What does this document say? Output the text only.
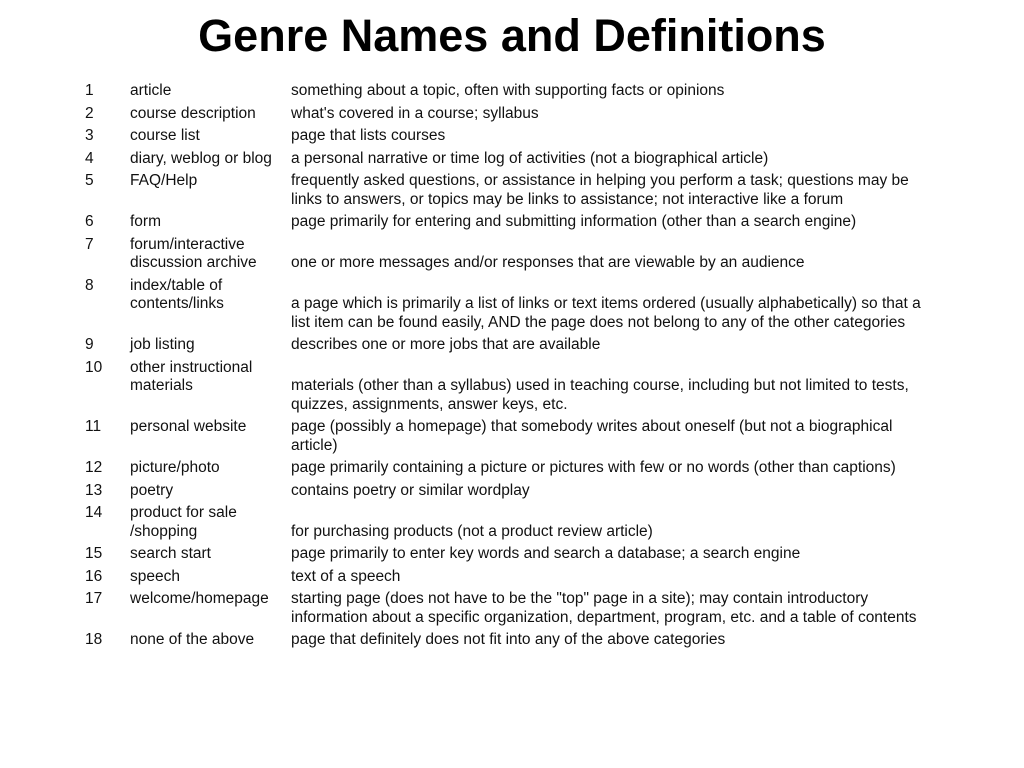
Genre Names and Definitions
1	article	something about a topic, often with supporting facts or opinions
2	course description	what's covered in a course; syllabus
3	course list	page that lists courses
4	diary, weblog or blog	a personal narrative or time log of activities (not a biographical article)
5	FAQ/Help	frequently asked questions, or assistance in helping you perform a task; questions may be links to answers, or topics may be links to assistance; not interactive like a forum
6	form	page primarily for entering and submitting information (other than a search engine)
7	forum/interactive discussion archive	one or more messages and/or responses that are viewable by an audience
8	index/table of contents/links	a page which is primarily a list of links or text items ordered (usually alphabetically) so that a list item can be found easily, AND the page does not belong to any of the other categories
9	job listing	describes one or more jobs that are available
10	other instructional materials	materials (other than a syllabus) used in teaching course, including but not limited to tests, quizzes, assignments, answer keys, etc.
11	personal website	page (possibly a homepage) that somebody writes about oneself (but not a biographical article)
12	picture/photo	page primarily containing a picture or pictures with few or no words (other than captions)
13	poetry	contains poetry or similar wordplay
14	product for sale /shopping	for purchasing products (not a product review article)
15	search start	page primarily to enter key words and search a database; a search engine
16	speech	text of a speech
17	welcome/homepage	starting page (does not have to be the "top" page in a site); may contain introductory information about a specific organization, department, program, etc. and a table of contents
18	none of the above	page that definitely does not fit into any of the above categories
